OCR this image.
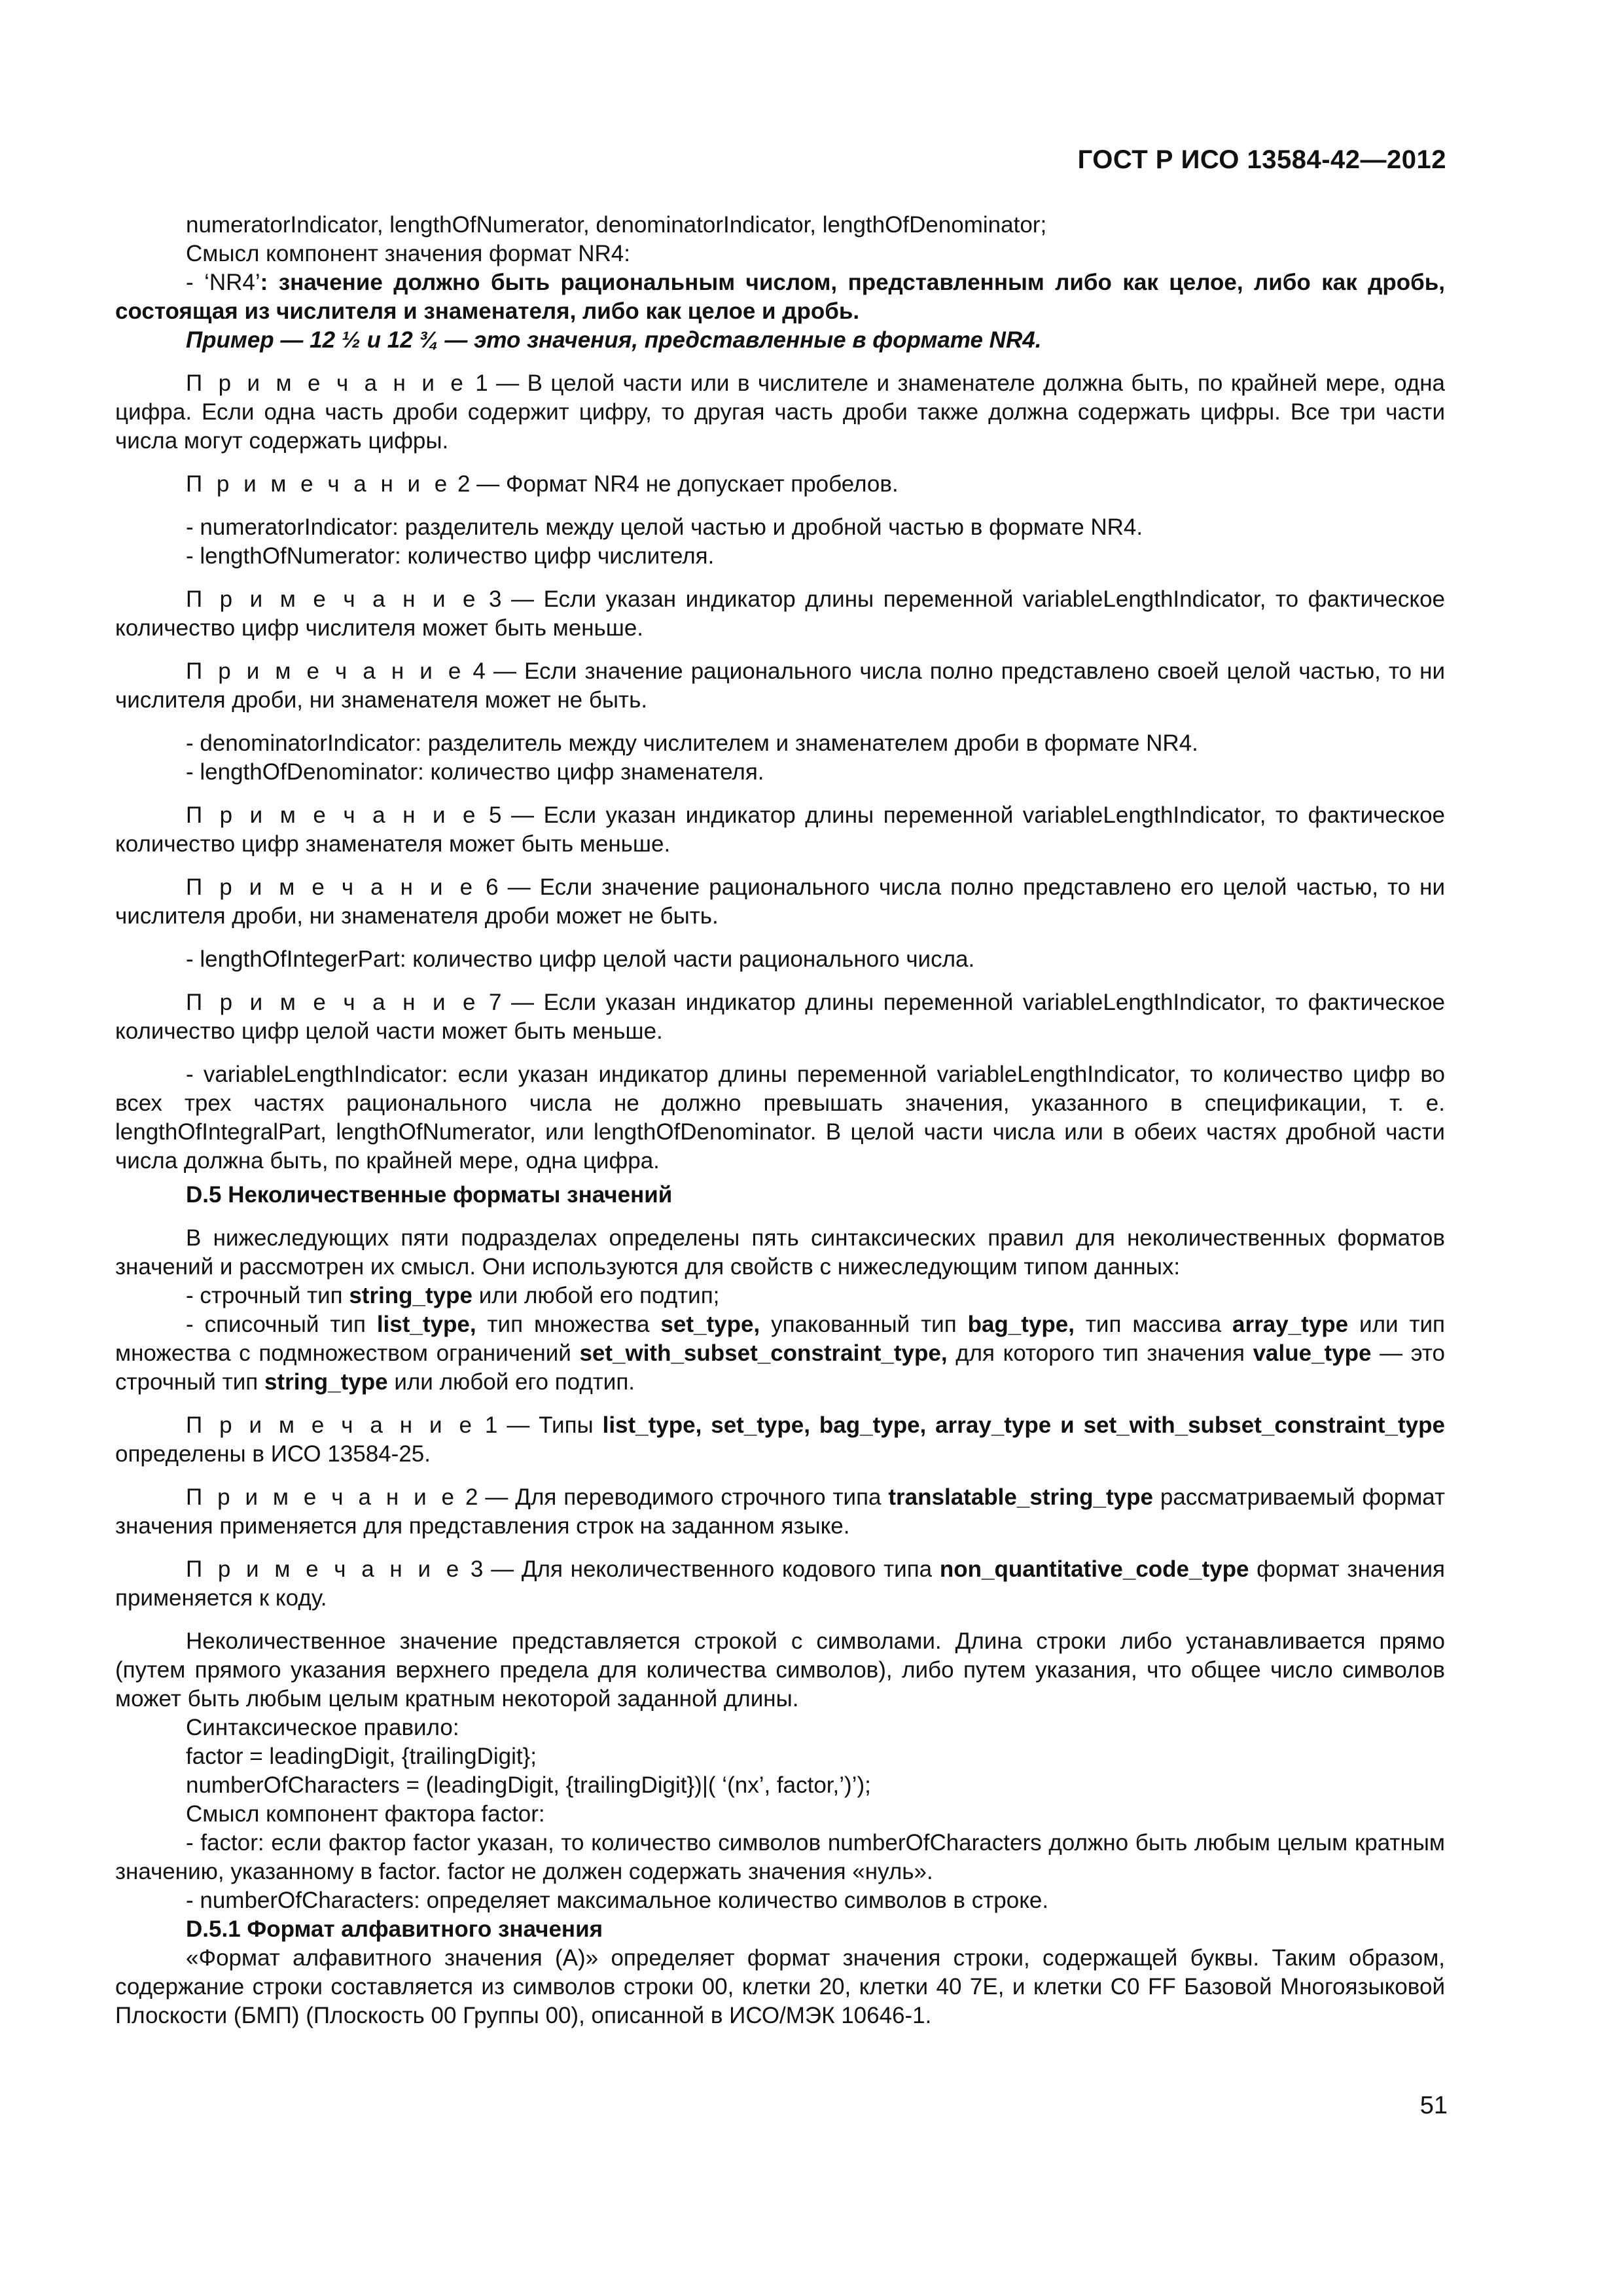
ГОСТ Р ИСО 13584-42—2012

numeratorIndicator, lengthOfNumerator, denominatorIndicator, lengthOfDenominator;

Смысл компонент значения формат NR4:

- ‘NR4’: значение должно быть рациональным числом, представленным либо как целое, либо как дробь, состоящая из числителя и знаменателя, либо как целое и дробь.

Пример — 12 ½ и 12 ¾ — это значения, представленные в формате NR4.

П р и м е ч а н и е 1 — В целой части или в числителе и знаменателе должна быть, по крайней мере, одна цифра. Если одна часть дроби содержит цифру, то другая часть дроби также должна содержать цифры. Все три части числа могут содержать цифры.

П р и м е ч а н и е 2 — Формат NR4 не допускает пробелов.

- numeratorIndicator: разделитель между целой частью и дробной частью в формате NR4.

- lengthOfNumerator: количество цифр числителя.

П р и м е ч а н и е 3 — Если указан индикатор длины переменной variableLengthIndicator, то фактическое количество цифр числителя может быть меньше.

П р и м е ч а н и е 4 — Если значение рационального числа полно представлено своей целой частью, то ни числителя дроби, ни знаменателя может не быть.

- denominatorIndicator: разделитель между числителем и знаменателем дроби в формате NR4.

- lengthOfDenominator: количество цифр знаменателя.

П р и м е ч а н и е 5 — Если указан индикатор длины переменной variableLengthIndicator, то фактическое количество цифр знаменателя может быть меньше.

П р и м е ч а н и е 6 — Если значение рационального числа полно представлено его целой частью, то ни числителя дроби, ни знаменателя дроби может не быть.

- lengthOfIntegerPart: количество цифр целой части рационального числа.

П р и м е ч а н и е 7 — Если указан индикатор длины переменной variableLengthIndicator, то фактическое количество цифр целой части может быть меньше.

- variableLengthIndicator: если указан индикатор длины переменной variableLengthIndicator, то количество цифр во всех трех частях рационального числа не должно превышать значения, указанного в спецификации, т. е. lengthOfIntegralPart, lengthOfNumerator, или lengthOfDenominator. В целой части числа или в обеих частях дробной части числа должна быть, по крайней мере, одна цифра.

D.5 Неколичественные форматы значений

В нижеследующих пяти подразделах определены пять синтаксических правил для неколичественных форматов значений и рассмотрен их смысл. Они используются для свойств с нижеследующим типом данных:

- строчный тип string_type или любой его подтип;

- списочный тип list_type, тип множества set_type, упакованный тип bag_type, тип массива array_type или тип множества с подмножеством ограничений set_with_subset_constraint_type, для которого тип значения value_type — это строчный тип string_type или любой его подтип.

П р и м е ч а н и е 1 — Типы list_type, set_type, bag_type, array_type и set_with_subset_constraint_type определены в ИСО 13584-25.

П р и м е ч а н и е 2 — Для переводимого строчного типа translatable_string_type рассматриваемый формат значения применяется для представления строк на заданном языке.

П р и м е ч а н и е 3 — Для неколичественного кодового типа non_quantitative_code_type формат значения применяется к коду.

Неколичественное значение представляется строкой с символами. Длина строки либо устанавливается прямо (путем прямого указания верхнего предела для количества символов), либо путем указания, что общее число символов может быть любым целым кратным некоторой заданной длины.

Синтаксическое правило:

factor = leadingDigit, {trailingDigit};

numberOfCharacters = (leadingDigit, {trailingDigit})|( ‘(nx’, factor,’)’);

Смысл компонент фактора factor:

- factor: если фактор factor указан, то количество символов numberOfCharacters должно быть любым целым кратным значению, указанному в factor. factor не должен содержать значения «нуль».

- numberOfCharacters: определяет максимальное количество символов в строке.

D.5.1 Формат алфавитного значения

«Формат алфавитного значения (A)» определяет формат значения строки, содержащей буквы. Таким образом, содержание строки составляется из символов строки 00, клетки 20, клетки 40 7E, и клетки C0 FF Базовой Многоязыковой Плоскости (БМП) (Плоскость 00 Группы 00), описанной в ИСО/МЭК 10646-1.

51
